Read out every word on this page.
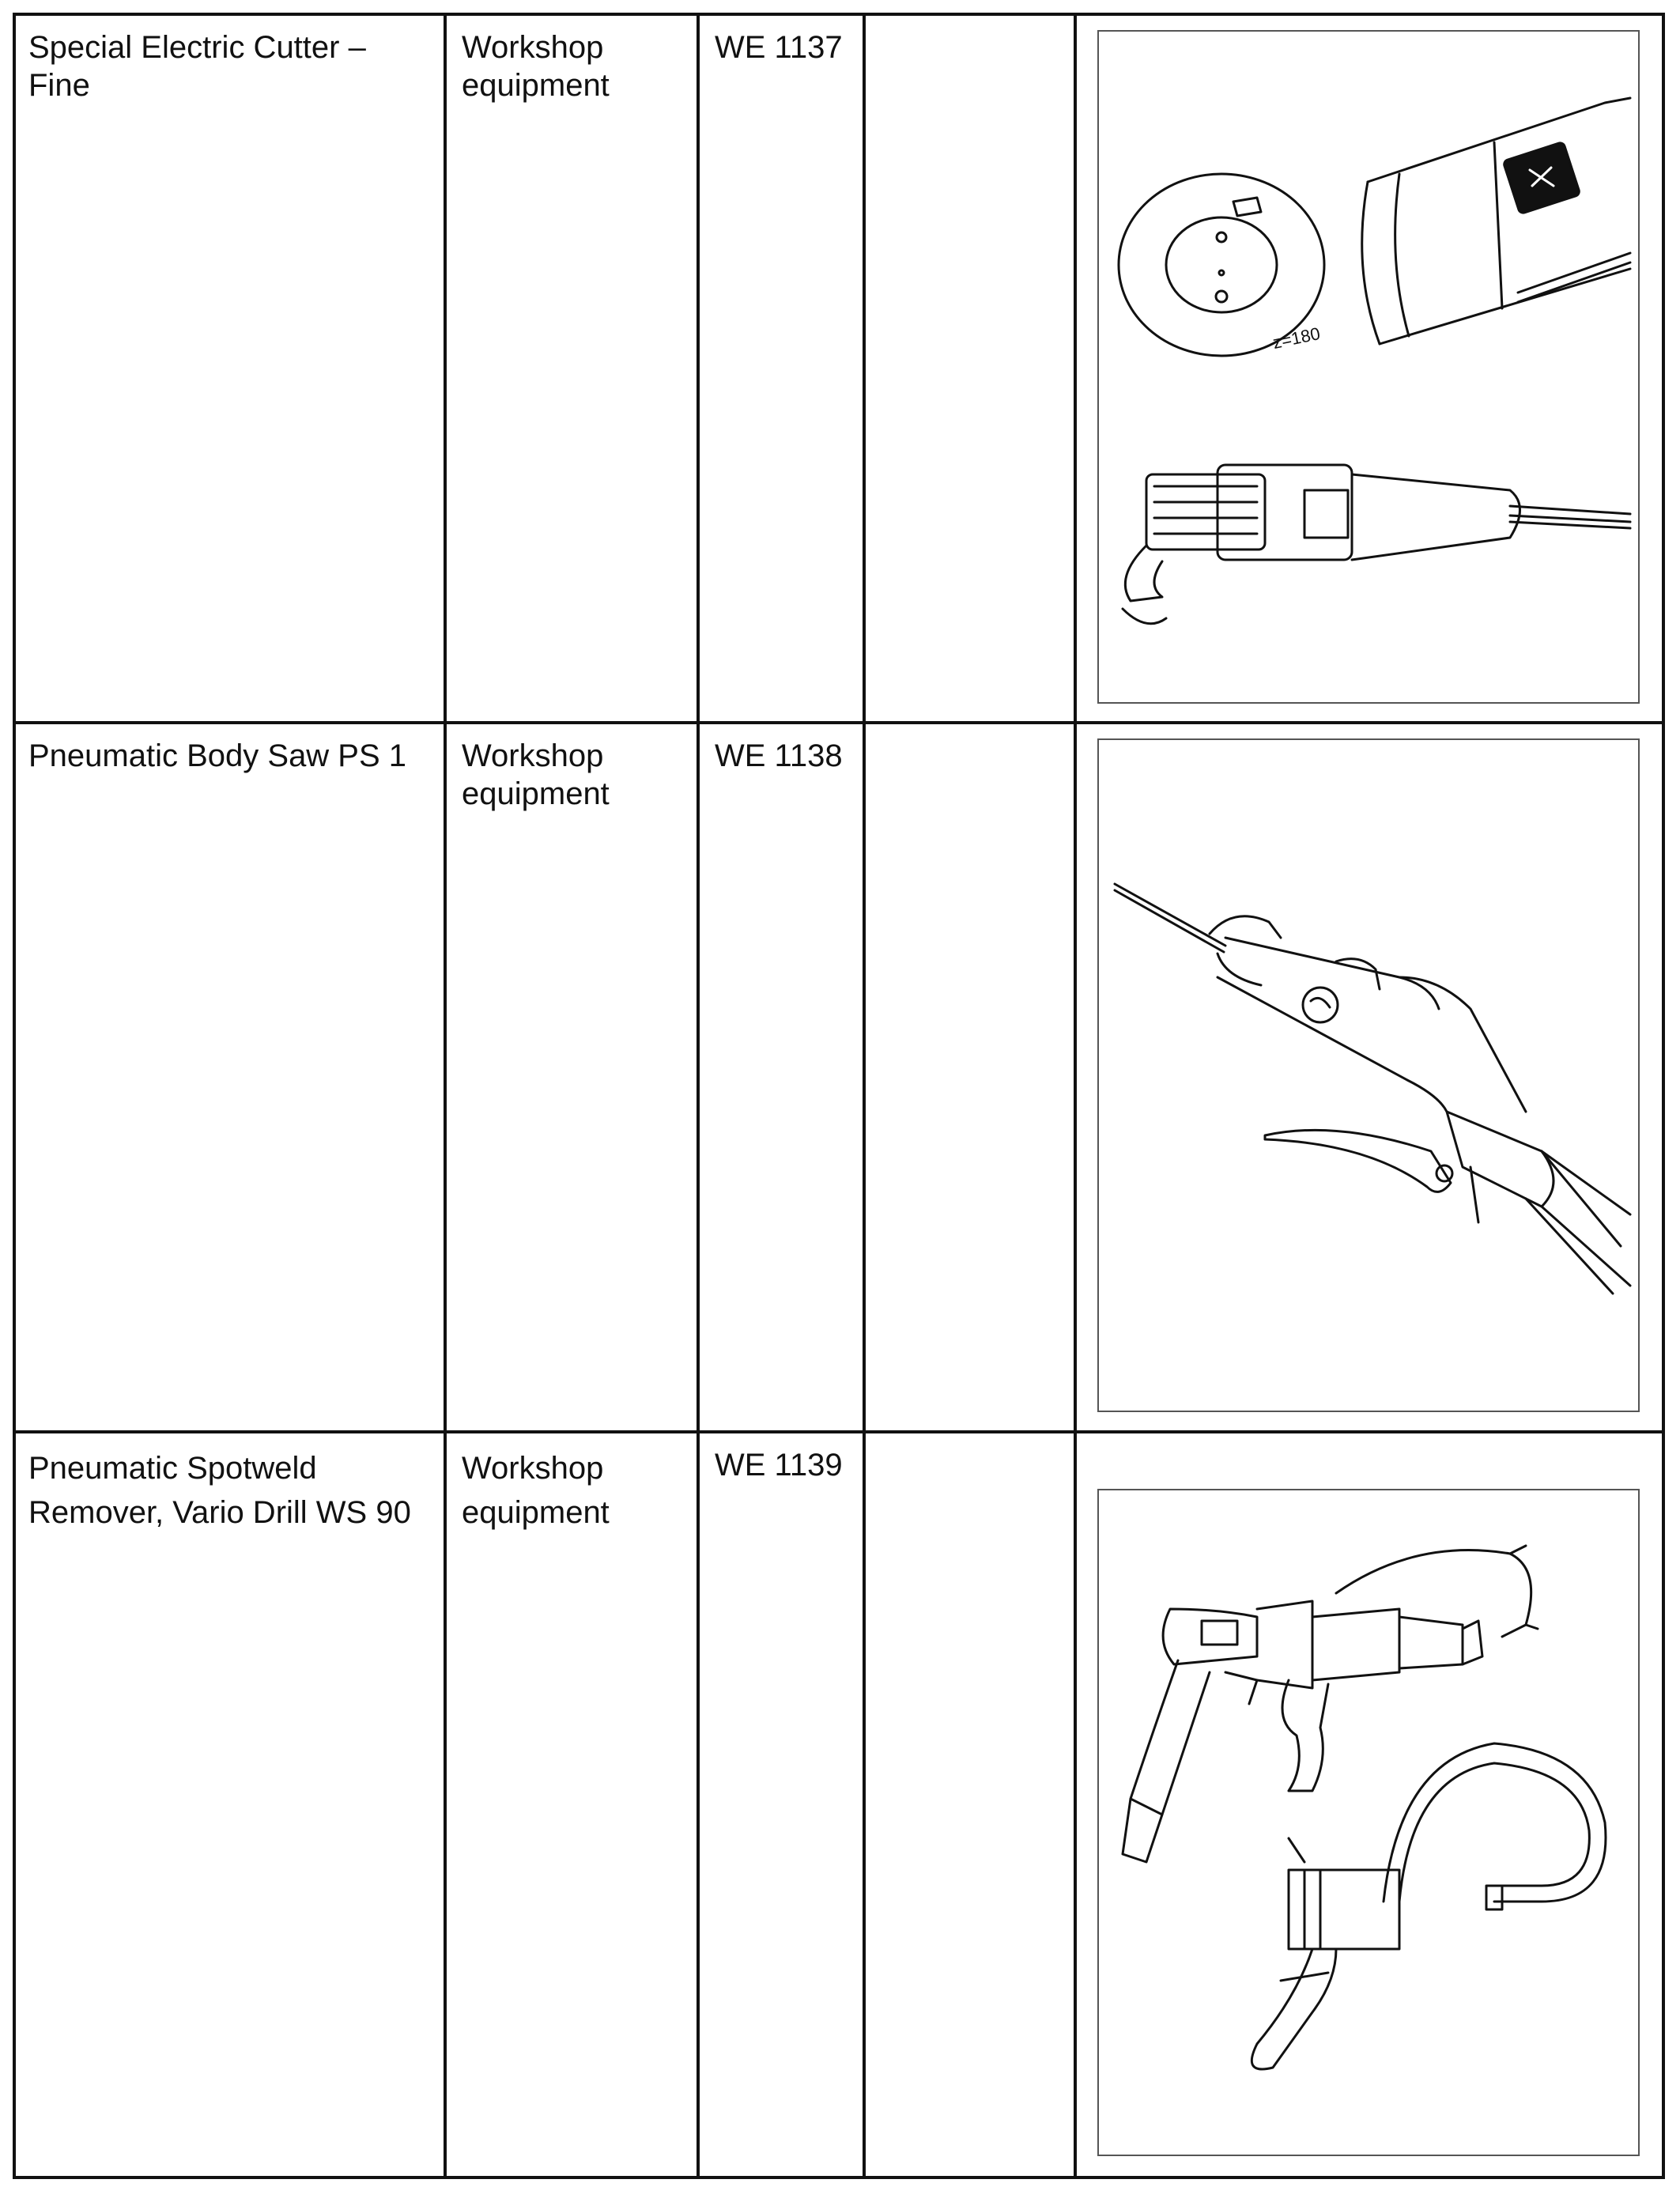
Special Electric Cutter –
Fine
Workshop
equipment
WE 1137
z=180
Pneumatic Body Saw PS 1	Workshop
equipment
WE 1138
Pneumatic Spotweld
Remover, Vario Drill WS 90
Workshop
equipment
WE 1139
